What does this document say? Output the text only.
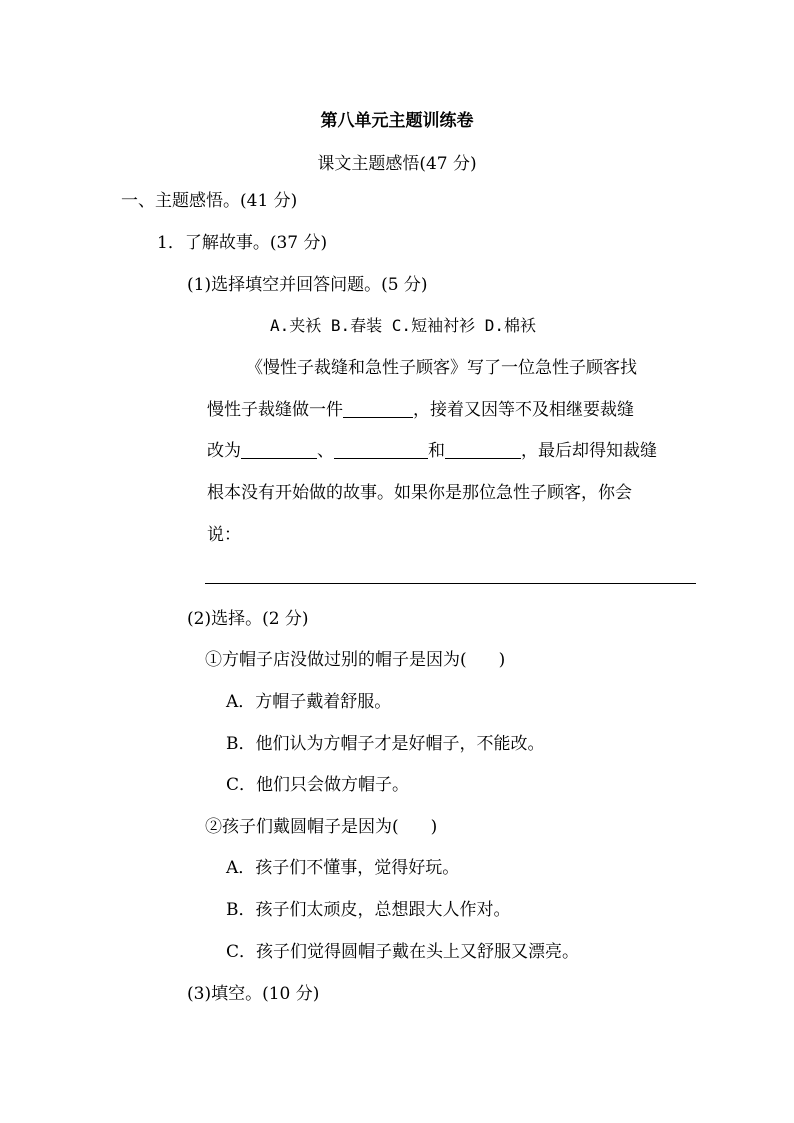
第八单元主题训练卷
课文主题感悟(47 分)
一、主题感悟。(41 分)
1．了解故事。(37 分)
(1)选择填空并回答问题。(5 分)
A.夹袄 B.春装 C.短袖衬衫 D.棉袄
《慢性子裁缝和急性子顾客》写了一位急性子顾客找
慢性子裁缝做一件	，接着又因等不及相继要裁缝
改为	、	和	，最后却得知裁缝
根本没有开始做的故事。如果你是那位急性子顾客，你会
说：
(2)选择。(2 分)
①方帽子店没做过别的帽子是因为( )
A．方帽子戴着舒服。
B．他们认为方帽子才是好帽子，不能改。
C．他们只会做方帽子。
②孩子们戴圆帽子是因为( )
A．孩子们不懂事，觉得好玩。
B．孩子们太顽皮，总想跟大人作对。
C．孩子们觉得圆帽子戴在头上又舒服又漂亮。
(3)填空。(10 分)
